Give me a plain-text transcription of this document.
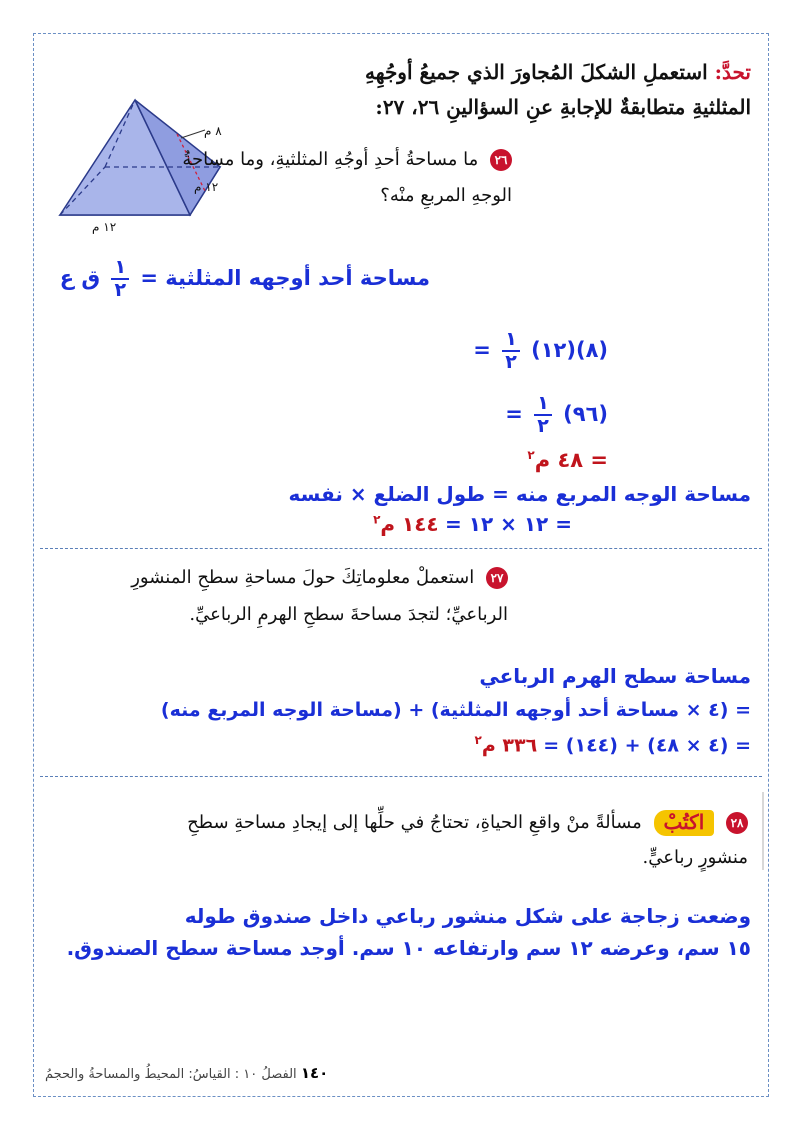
٨ م
١٢ م
١٢ م
تحدَّ: استعملِ الشكلَ المُجاورَ الذي جميعُ أوجُهِهِ
المثلثيةِ متطابقةٌ للإجابةِ عنِ السؤالينِ ٢٦، ٢٧:
٢٦ ما مساحةُ أحدِ أوجُهِ المثلثيةِ، وما مساحةُ
الوجهِ المربعِ منْه؟
مساحة أحد أوجهه المثلثية =
$\frac{١}{٢}$
ق ع
= $\frac{١}{٢}$ (١٢)(٨)
= $\frac{١}{٢}$ (٩٦)
= ٤٨ م$^٢$
مساحة الوجه المربع منه = طول الضلع × نفسه
= ١٢ × ١٢ = ١٤٤ م$^٢$
٢٧ استعملْ معلوماتِكَ حولَ مساحةِ سطحِ المنشورِ
الرباعيِّ؛ لتجدَ مساحةَ سطحِ الهرمِ الرباعيِّ.
مساحة سطح الهرم الرباعي
= (٤ × مساحة أحد أوجهه المثلثية) + (مساحة الوجه المربع منه)
= (٤ × ٤٨) + (١٤٤) = ٣٣٦ م$^٢$
٢٨ اكتُبْ مسألةً منْ واقعِ الحياةِ، تحتاجُ في حلِّها إلى إيجادِ مساحةِ سطحِ
منشورٍ رباعيٍّ.
وضعت زجاجة على شكل منشور رباعي داخل صندوق طوله
١٥ سم، وعرضه ١٢ سم وارتفاعه ١٠ سم. أوجد مساحة سطح الصندوق.
١٤٠ الفصلُ ١٠ : القياسُ: المحيطُ والمساحةُ والحجمُ
